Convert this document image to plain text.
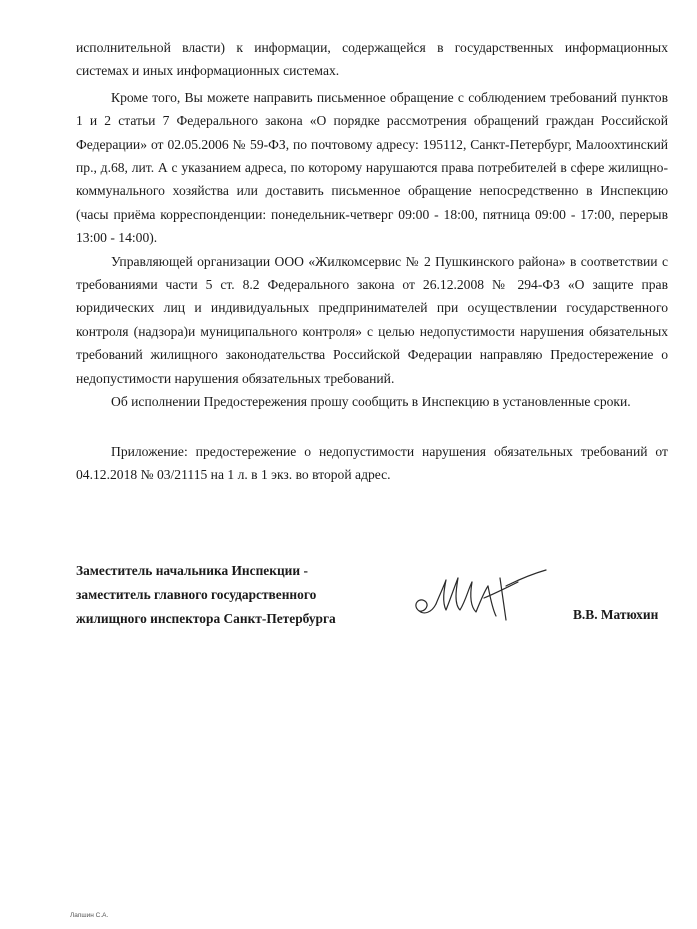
исполнительной власти) к информации, содержащейся в государственных информационных системах и иных информационных системах.

Кроме того, Вы можете направить письменное обращение с соблюдением требований пунктов 1 и 2 статьи 7 Федерального закона «О порядке рассмотрения обращений граждан Российской Федерации» от 02.05.2006 № 59-ФЗ, по почтовому адресу: 195112, Санкт-Петербург, Малоохтинский пр., д.68, лит. А с указанием адреса, по которому нарушаются права потребителей в сфере жилищно-коммунального хозяйства или доставить письменное обращение непосредственно в Инспекцию (часы приёма корреспонденции: понедельник-четверг 09:00 - 18:00, пятница 09:00 - 17:00, перерыв 13:00 - 14:00).

Управляющей организации ООО «Жилкомсервис № 2 Пушкинского района» в соответствии с требованиями части 5 ст. 8.2 Федерального закона от 26.12.2008 № 294-ФЗ «О защите прав юридических лиц и индивидуальных предпринимателей при осуществлении государственного контроля (надзора)и муниципального контроля» с целью недопустимости нарушения обязательных требований жилищного законодательства Российской Федерации направляю Предостережение о недопустимости нарушения обязательных требований.

Об исполнении Предостережения прошу сообщить в Инспекцию в установленные сроки.

Приложение: предостережение о недопустимости нарушения обязательных требований от 04.12.2018 № 03/21115 на 1 л. в 1 экз. во второй адрес.

Заместитель начальника Инспекции -
заместитель главного государственного
жилищного инспектора Санкт-Петербурга	В.В. Матюхин
Лапшин С.А.
